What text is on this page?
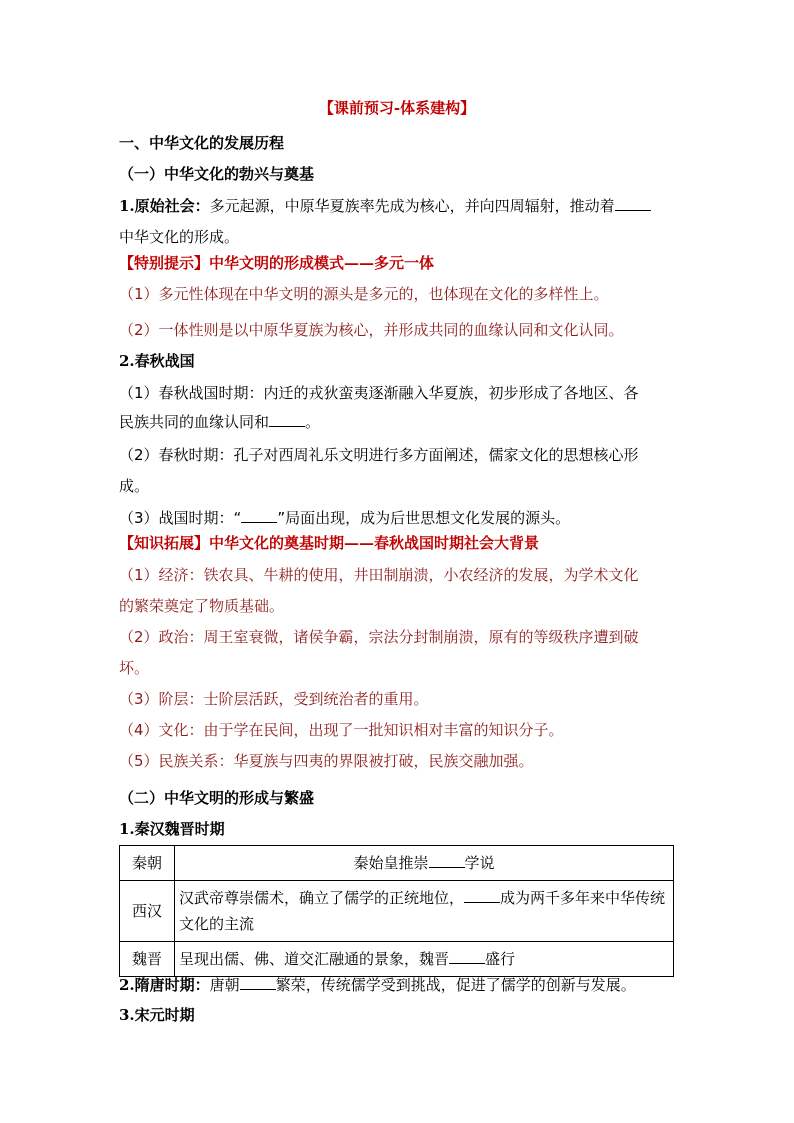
【课前预习-体系建构】
一、中华文化的发展历程
（一）中华文化的勃兴与奠基
1.原始社会：多元起源，中原华夏族率先成为核心，并向四周辐射，推动着
中华文化的形成。
【特别提示】中华文明的形成模式——多元一体
（1）多元性体现在中华文明的源头是多元的，也体现在文化的多样性上。
（2）一体性则是以中原华夏族为核心，并形成共同的血缘认同和文化认同。
2.春秋战国
（1）春秋战国时期：内迁的戎狄蛮夷逐渐融入华夏族，初步形成了各地区、各
民族共同的血缘认同和 。
（2）春秋时期：孔子对西周礼乐文明进行多方面阐述，儒家文化的思想核心形
成。
（3）战国时期：“ ”局面出现，成为后世思想文化发展的源头。
【知识拓展】中华文化的奠基时期——春秋战国时期社会大背景
（1）经济：铁农具、牛耕的使用，井田制崩溃，小农经济的发展，为学术文化
的繁荣奠定了物质基础。
（2）政治：周王室衰微，诸侯争霸，宗法分封制崩溃，原有的等级秩序遭到破
坏。
（3）阶层：士阶层活跃，受到统治者的重用。
（4）文化：由于学在民间，出现了一批知识相对丰富的知识分子。
（5）民族关系：华夏族与四夷的界限被打破，民族交融加强。
（二）中华文明的形成与繁盛
1.秦汉魏晋时期
秦朝	秦始皇推崇 学说
西汉	汉武帝尊崇儒术，确立了儒学的正统地位， 成为两千多年来中华传统文化的主流
魏晋	呈现出儒、佛、道交汇融通的景象，魏晋 盛行
2.隋唐时期：唐朝 繁荣，传统儒学受到挑战，促进了儒学的创新与发展。
3.宋元时期
